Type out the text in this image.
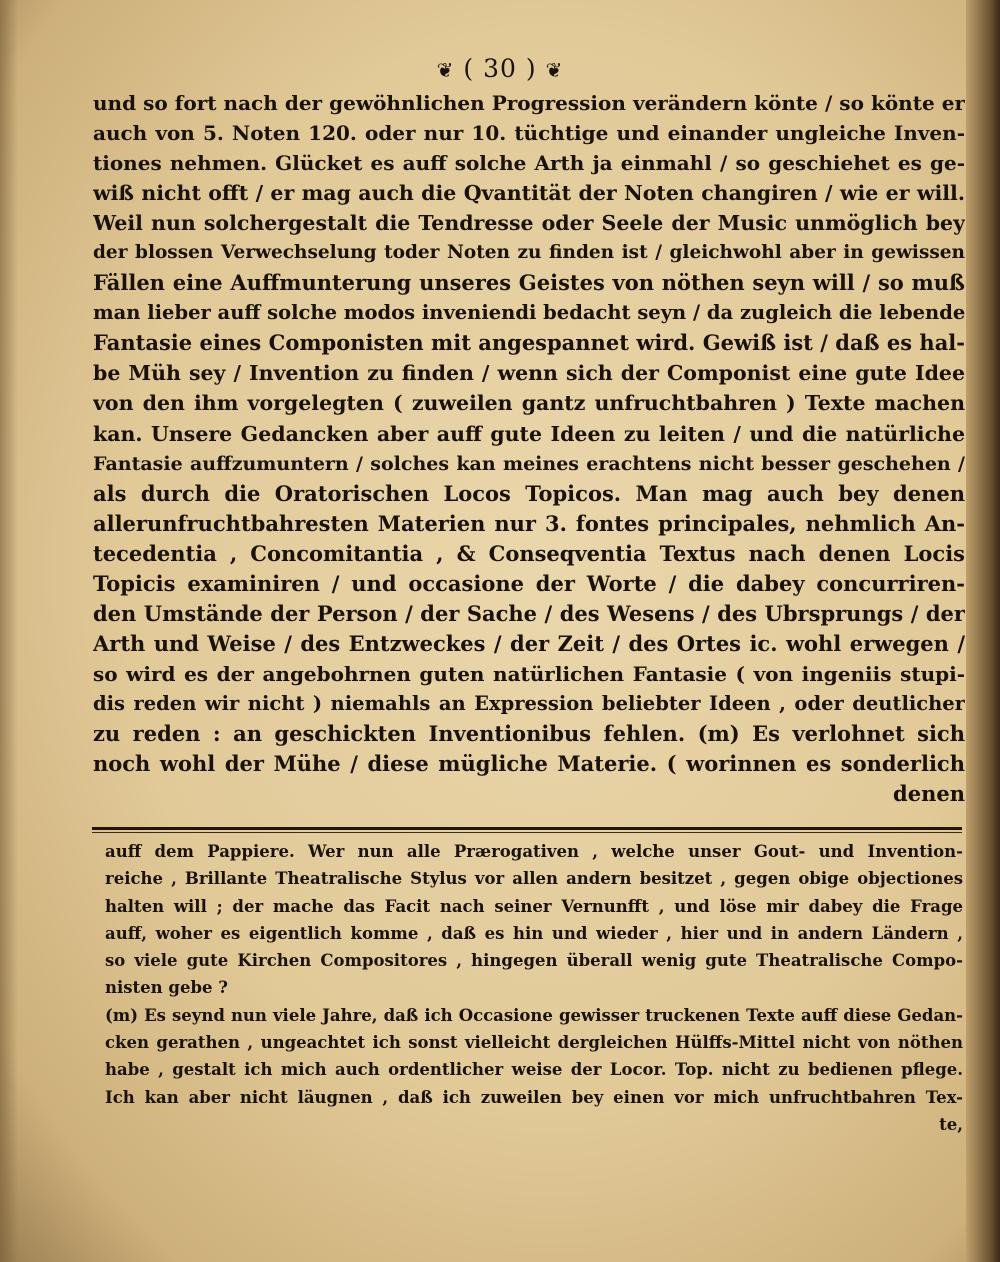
❦ ( 30 ) ❦
und so fort nach der gewöhnlichen Progression verändern könte / so könte er
auch von 5. Noten 120. oder nur 10. tüchtige und einander ungleiche Inven-
tiones nehmen. Glücket es auff solche Arth ja einmahl / so geschiehet es ge-
wiß nicht offt / er mag auch die Qvantität der Noten changiren / wie er will.
Weil nun solchergestalt die Tendresse oder Seele der Music unmöglich bey
der blossen Verwechselung toder Noten zu finden ist / gleichwohl aber in gewissen
Fällen eine Auffmunterung unseres Geistes von nöthen seyn will / so muß
man lieber auff solche modos inveniendi bedacht seyn / da zugleich die lebende
Fantasie eines Componisten mit angespannet wird. Gewiß ist / daß es hal-
be Müh sey / Invention zu finden / wenn sich der Componist eine gute Idee
von den ihm vorgelegten ( zuweilen gantz unfruchtbahren ) Texte machen
kan. Unsere Gedancken aber auff gute Ideen zu leiten / und die natürliche
Fantasie auffzumuntern / solches kan meines erachtens nicht besser geschehen /
als durch die Oratorischen Locos Topicos. Man mag auch bey denen
allerunfruchtbahresten Materien nur 3. fontes principales, nehmlich An-
tecedentia , Concomitantia , & Conseqventia Textus nach denen Locis
Topicis examiniren / und occasione der Worte / die dabey concurriren-
den Umstände der Person / der Sache / des Wesens / des Ubrsprungs / der
Arth und Weise / des Entzweckes / der Zeit / des Ortes ic. wohl erwegen /
so wird es der angebohrnen guten natürlichen Fantasie ( von ingeniis stupi-
dis reden wir nicht ) niemahls an Expression beliebter Ideen , oder deutlicher
zu reden : an geschickten Inventionibus fehlen. (m) Es verlohnet sich
noch wohl der Mühe / diese mügliche Materie. ( worinnen es sonderlich
denen
auff dem Pappiere. Wer nun alle Prærogativen , welche unser Gout- und Invention-
reiche , Brillante Theatralische Stylus vor allen andern besitzet , gegen obige objectiones
halten will ; der mache das Facit nach seiner Vernunfft , und löse mir dabey die Frage
auff, woher es eigentlich komme , daß es hin und wieder , hier und in andern Ländern ,
so viele gute Kirchen Compositores , hingegen überall wenig gute Theatralische Compo-
nisten gebe ?
(m) Es seynd nun viele Jahre, daß ich Occasione gewisser truckenen Texte auff diese Gedan-
cken gerathen , ungeachtet ich sonst vielleicht dergleichen Hülffs-Mittel nicht von nöthen
habe , gestalt ich mich auch ordentlicher weise der Locor. Top. nicht zu bedienen pflege.
Ich kan aber nicht läugnen , daß ich zuweilen bey einen vor mich unfruchtbahren Tex-
te,
